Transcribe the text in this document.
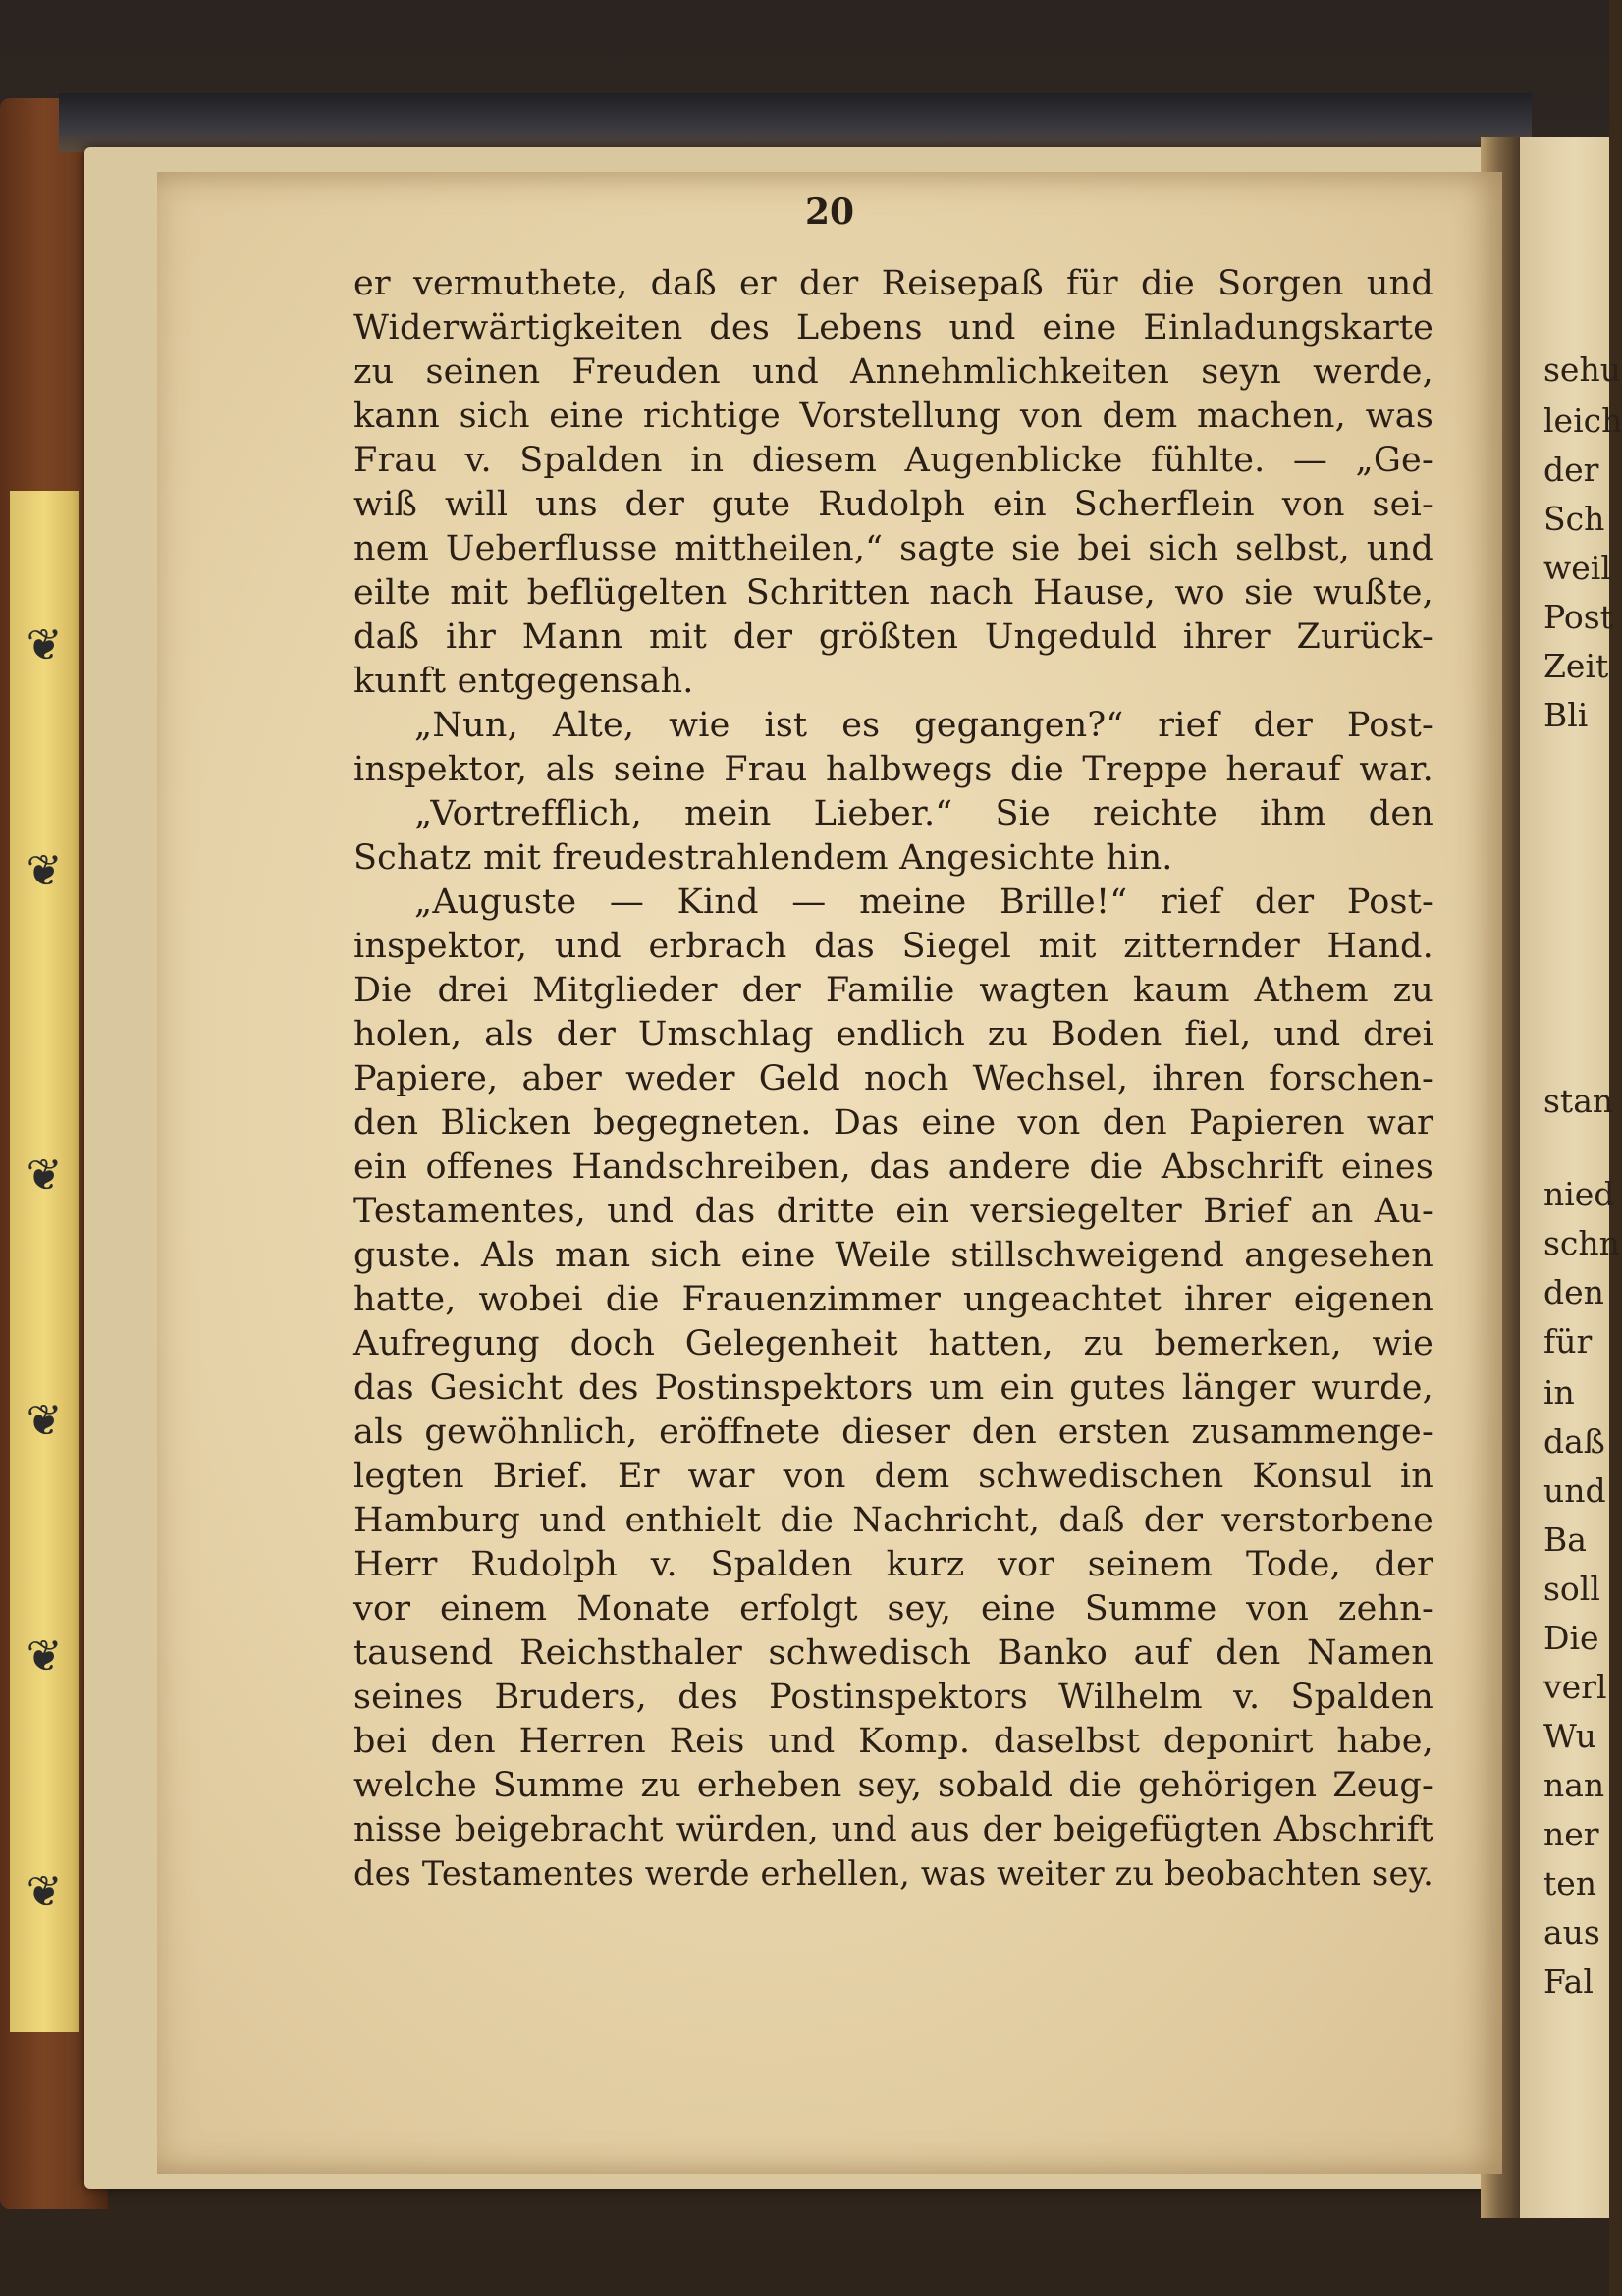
❦
❦
❦
❦
❦
❦
sehu
leich
der
Sch
weil
Post
Zeit
Bli
stan
nied
schn
den
für
in
daß
und
Ba
soll
Die
verl
Wu
nan
ner
ten
aus
Fal
20
er vermuthete, daß er der Reisepaß für die Sorgen und
Widerwärtigkeiten des Lebens und eine Einladungskarte
zu seinen Freuden und Annehmlichkeiten seyn werde,
kann sich eine richtige Vorstellung von dem machen, was
Frau v. Spalden in diesem Augenblicke fühlte. — „Ge-
wiß will uns der gute Rudolph ein Scherflein von sei-
nem Ueberflusse mittheilen,“ sagte sie bei sich selbst, und
eilte mit beflügelten Schritten nach Hause, wo sie wußte,
daß ihr Mann mit der größten Ungeduld ihrer Zurück-
kunft entgegensah.
„Nun, Alte, wie ist es gegangen?“ rief der Post-
inspektor, als seine Frau halbwegs die Treppe herauf war.
„Vortrefflich, mein Lieber.“ Sie reichte ihm den
Schatz mit freudestrahlendem Angesichte hin.
„Auguste — Kind — meine Brille!“ rief der Post-
inspektor, und erbrach das Siegel mit zitternder Hand.
Die drei Mitglieder der Familie wagten kaum Athem zu
holen, als der Umschlag endlich zu Boden fiel, und drei
Papiere, aber weder Geld noch Wechsel, ihren forschen-
den Blicken begegneten. Das eine von den Papieren war
ein offenes Handschreiben, das andere die Abschrift eines
Testamentes, und das dritte ein versiegelter Brief an Au-
guste. Als man sich eine Weile stillschweigend angesehen
hatte, wobei die Frauenzimmer ungeachtet ihrer eigenen
Aufregung doch Gelegenheit hatten, zu bemerken, wie
das Gesicht des Postinspektors um ein gutes länger wurde,
als gewöhnlich, eröffnete dieser den ersten zusammenge-
legten Brief. Er war von dem schwedischen Konsul in
Hamburg und enthielt die Nachricht, daß der verstorbene
Herr Rudolph v. Spalden kurz vor seinem Tode, der
vor einem Monate erfolgt sey, eine Summe von zehn-
tausend Reichsthaler schwedisch Banko auf den Namen
seines Bruders, des Postinspektors Wilhelm v. Spalden
bei den Herren Reis und Komp. daselbst deponirt habe,
welche Summe zu erheben sey, sobald die gehörigen Zeug-
nisse beigebracht würden, und aus der beigefügten Abschrift
des Testamentes werde erhellen, was weiter zu beobachten sey.
